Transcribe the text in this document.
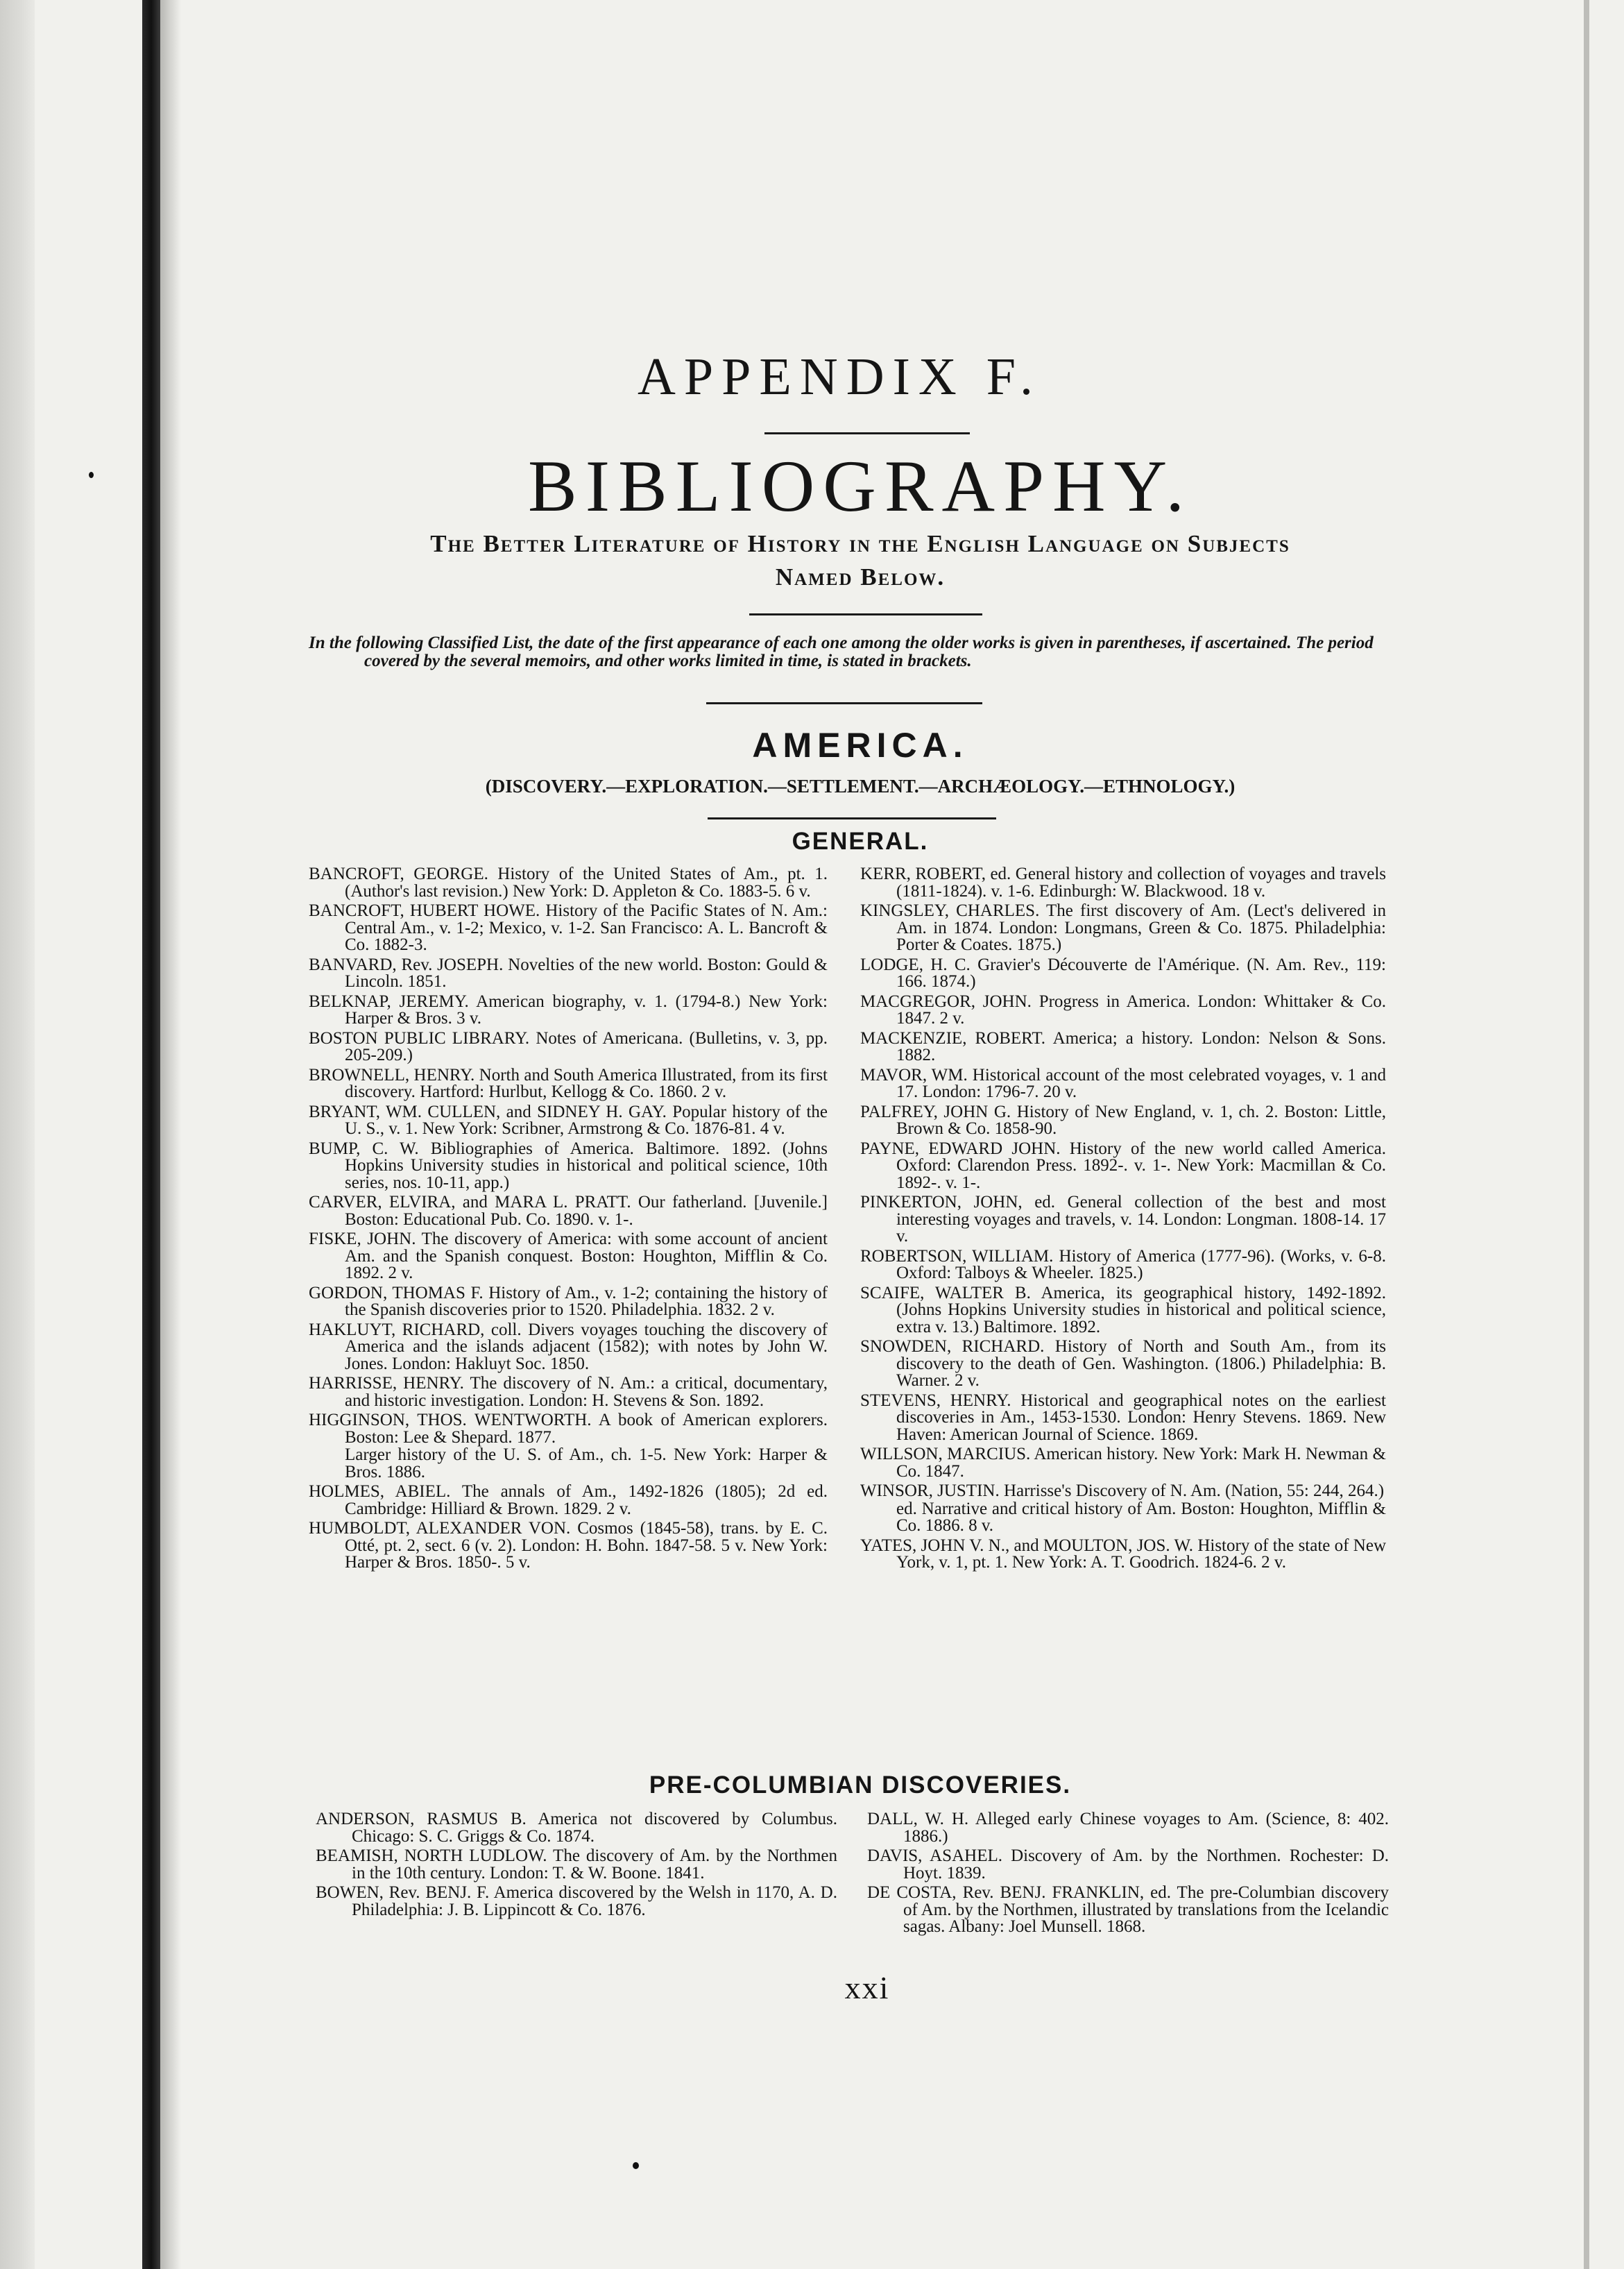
APPENDIX F.
BIBLIOGRAPHY.
The Better Literature of History in the English Language on Subjects
Named Below.
In the following Classified List, the date of the first appearance of each one among the older works is given in parentheses, if ascertained. The period covered by the several memoirs, and other works limited in time, is stated in brackets.
AMERICA.
(DISCOVERY.—EXPLORATION.—SETTLEMENT.—ARCHÆOLOGY.—ETHNOLOGY.)
GENERAL.

BANCROFT, GEORGE. History of the United States of Am., pt. 1. (Author's last revision.) New York: D. Appleton & Co. 1883-5. 6 v.

BANCROFT, HUBERT HOWE. History of the Pacific States of N. Am.: Central Am., v. 1-2; Mexico, v. 1-2. San Francisco: A. L. Bancroft & Co. 1882-3.

BANVARD, Rev. JOSEPH. Novelties of the new world. Boston: Gould & Lincoln. 1851.

BELKNAP, JEREMY. American biography, v. 1. (1794-8.) New York: Harper & Bros. 3 v.

BOSTON PUBLIC LIBRARY. Notes of Americana. (Bulletins, v. 3, pp. 205-209.)

BROWNELL, HENRY. North and South America Illustrated, from its first discovery. Hartford: Hurlbut, Kellogg & Co. 1860. 2 v.

BRYANT, WM. CULLEN, and SIDNEY H. GAY. Popular history of the U. S., v. 1. New York: Scribner, Armstrong & Co. 1876-81. 4 v.

BUMP, C. W. Bibliographies of America. Baltimore. 1892. (Johns Hopkins University studies in historical and political science, 10th series, nos. 10-11, app.)

CARVER, ELVIRA, and MARA L. PRATT. Our fatherland. [Juvenile.] Boston: Educational Pub. Co. 1890. v. 1-.

FISKE, JOHN. The discovery of America: with some account of ancient Am. and the Spanish conquest. Boston: Houghton, Mifflin & Co. 1892. 2 v.

GORDON, THOMAS F. History of Am., v. 1-2; containing the history of the Spanish discoveries prior to 1520. Philadelphia. 1832. 2 v.

HAKLUYT, RICHARD, coll. Divers voyages touching the discovery of America and the islands adjacent (1582); with notes by John W. Jones. London: Hakluyt Soc. 1850.

HARRISSE, HENRY. The discovery of N. Am.: a critical, documentary, and historic investigation. London: H. Stevens & Son. 1892.

HIGGINSON, THOS. WENTWORTH. A book of American explorers. Boston: Lee & Shepard. 1877.

Larger history of the U. S. of Am., ch. 1-5. New York: Harper & Bros. 1886.

HOLMES, ABIEL. The annals of Am., 1492-1826 (1805); 2d ed. Cambridge: Hilliard & Brown. 1829. 2 v.

HUMBOLDT, ALEXANDER VON. Cosmos (1845-58), trans. by E. C. Otté, pt. 2, sect. 6 (v. 2). London: H. Bohn. 1847-58. 5 v. New York: Harper & Bros. 1850-. 5 v.

KERR, ROBERT, ed. General history and collection of voyages and travels (1811-1824). v. 1-6. Edinburgh: W. Blackwood. 18 v.

KINGSLEY, CHARLES. The first discovery of Am. (Lect's delivered in Am. in 1874. London: Longmans, Green & Co. 1875. Philadelphia: Porter & Coates. 1875.)

LODGE, H. C. Gravier's Découverte de l'Amérique. (N. Am. Rev., 119: 166. 1874.)

MACGREGOR, JOHN. Progress in America. London: Whittaker & Co. 1847. 2 v.

MACKENZIE, ROBERT. America; a history. London: Nelson & Sons. 1882.

MAVOR, WM. Historical account of the most celebrated voyages, v. 1 and 17. London: 1796-7. 20 v.

PALFREY, JOHN G. History of New England, v. 1, ch. 2. Boston: Little, Brown & Co. 1858-90.

PAYNE, EDWARD JOHN. History of the new world called America. Oxford: Clarendon Press. 1892-. v. 1-. New York: Macmillan & Co. 1892-. v. 1-.

PINKERTON, JOHN, ed. General collection of the best and most interesting voyages and travels, v. 14. London: Longman. 1808-14. 17 v.

ROBERTSON, WILLIAM. History of America (1777-96). (Works, v. 6-8. Oxford: Talboys & Wheeler. 1825.)

SCAIFE, WALTER B. America, its geographical history, 1492-1892. (Johns Hopkins University studies in historical and political science, extra v. 13.) Baltimore. 1892.

SNOWDEN, RICHARD. History of North and South Am., from its discovery to the death of Gen. Washington. (1806.) Philadelphia: B. Warner. 2 v.

STEVENS, HENRY. Historical and geographical notes on the earliest discoveries in Am., 1453-1530. London: Henry Stevens. 1869. New Haven: American Journal of Science. 1869.

WILLSON, MARCIUS. American history. New York: Mark H. Newman & Co. 1847.

WINSOR, JUSTIN. Harrisse's Discovery of N. Am. (Nation, 55: 244, 264.)

ed. Narrative and critical history of Am. Boston: Houghton, Mifflin & Co. 1886. 8 v.

YATES, JOHN V. N., and MOULTON, JOS. W. History of the state of New York, v. 1, pt. 1. New York: A. T. Goodrich. 1824-6. 2 v.

PRE-COLUMBIAN DISCOVERIES.

ANDERSON, RASMUS B. America not discovered by Columbus. Chicago: S. C. Griggs & Co. 1874.

BEAMISH, NORTH LUDLOW. The discovery of Am. by the Northmen in the 10th century. London: T. & W. Boone. 1841.

BOWEN, Rev. BENJ. F. America discovered by the Welsh in 1170, A. D. Philadelphia: J. B. Lippincott & Co. 1876.

DALL, W. H. Alleged early Chinese voyages to Am. (Science, 8: 402. 1886.)

DAVIS, ASAHEL. Discovery of Am. by the Northmen. Rochester: D. Hoyt. 1839.

DE COSTA, Rev. BENJ. FRANKLIN, ed. The pre-Columbian discovery of Am. by the Northmen, illustrated by translations from the Icelandic sagas. Albany: Joel Munsell. 1868.

xxi
